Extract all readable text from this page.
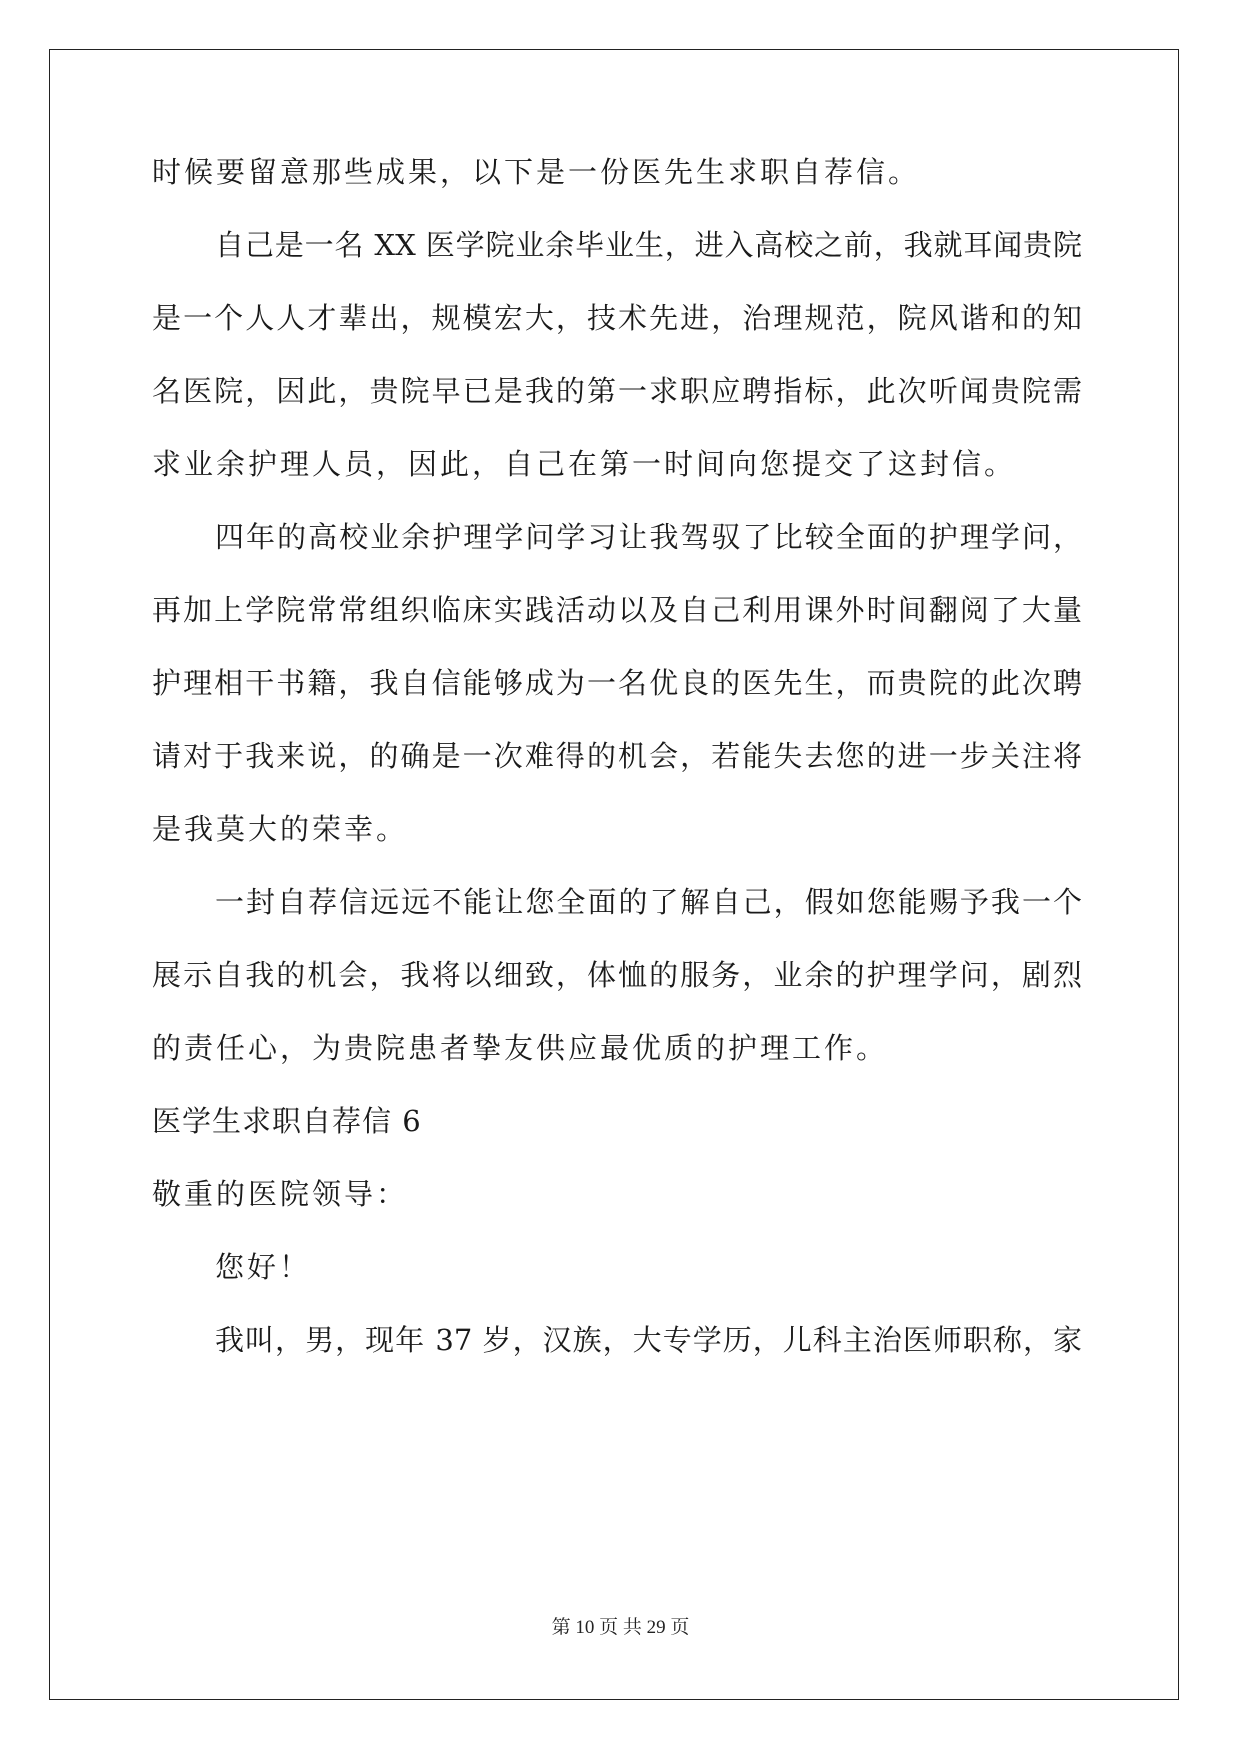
时候要留意那些成果，以下是一份医先生求职自荐信。
自己是一名 XX 医学院业余毕业生，进入高校之前，我就耳闻贵院
是一个人人才辈出，规模宏大，技术先进，治理规范，院风谐和的知
名医院，因此，贵院早已是我的第一求职应聘指标，此次听闻贵院需
求业余护理人员，因此，自己在第一时间向您提交了这封信。
四年的高校业余护理学问学习让我驾驭了比较全面的护理学问，
再加上学院常常组织临床实践活动以及自己利用课外时间翻阅了大量
护理相干书籍，我自信能够成为一名优良的医先生，而贵院的此次聘
请对于我来说，的确是一次难得的机会，若能失去您的进一步关注将
是我莫大的荣幸。
一封自荐信远远不能让您全面的了解自己，假如您能赐予我一个
展示自我的机会，我将以细致，体恤的服务，业余的护理学问，剧烈
的责任心，为贵院患者挚友供应最优质的护理工作。
医学生求职自荐信 6
敬重的医院领导：
您好！
我叫，男，现年 37 岁，汉族，大专学历，儿科主治医师职称，家
第 10 页 共 29 页
